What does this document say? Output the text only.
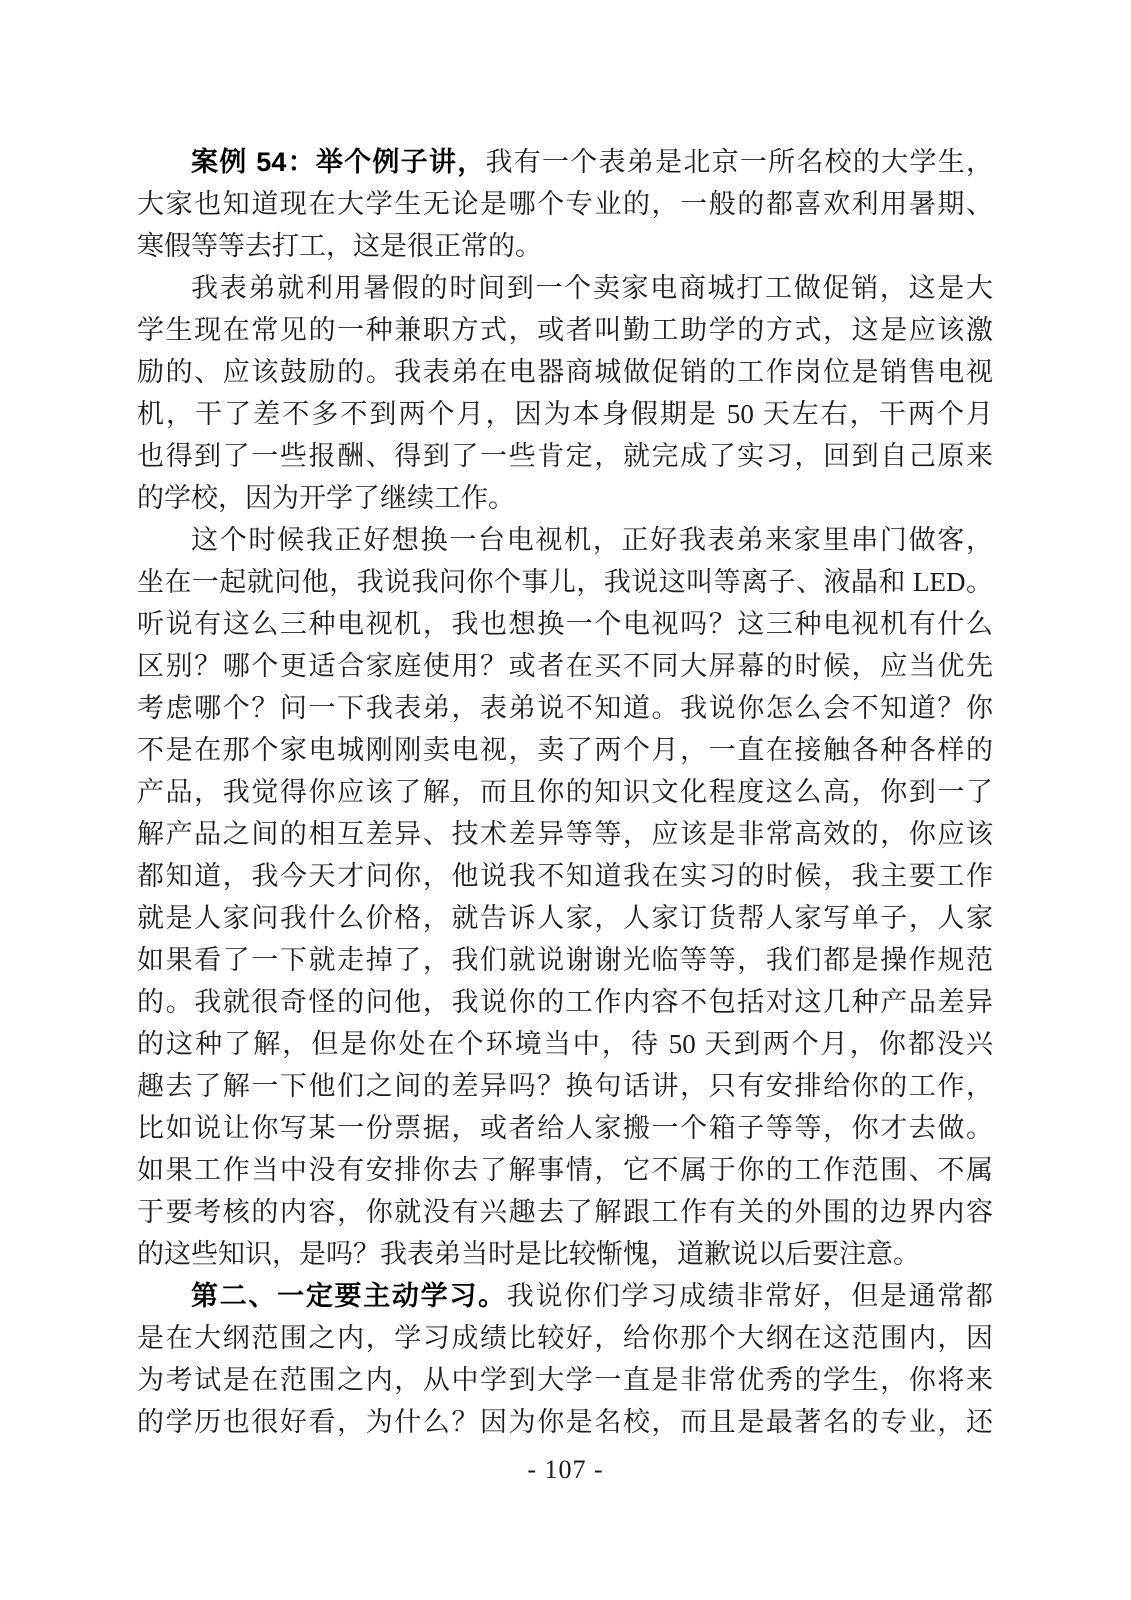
案例 54：举个例子讲，我有一个表弟是北京一所名校的大学生，
大家也知道现在大学生无论是哪个专业的，一般的都喜欢利用暑期、
寒假等等去打工，这是很正常的。
我表弟就利用暑假的时间到一个卖家电商城打工做促销，这是大
学生现在常见的一种兼职方式，或者叫勤工助学的方式，这是应该激
励的、应该鼓励的。我表弟在电器商城做促销的工作岗位是销售电视
机，干了差不多不到两个月，因为本身假期是 50 天左右，干两个月
也得到了一些报酬、得到了一些肯定，就完成了实习，回到自己原来
的学校，因为开学了继续工作。
这个时候我正好想换一台电视机，正好我表弟来家里串门做客，
坐在一起就问他，我说我问你个事儿，我说这叫等离子、液晶和 LED。
听说有这么三种电视机，我也想换一个电视吗？这三种电视机有什么
区别？哪个更适合家庭使用？或者在买不同大屏幕的时候，应当优先
考虑哪个？问一下我表弟，表弟说不知道。我说你怎么会不知道？你
不是在那个家电城刚刚卖电视，卖了两个月，一直在接触各种各样的
产品，我觉得你应该了解，而且你的知识文化程度这么高，你到一了
解产品之间的相互差异、技术差异等等，应该是非常高效的，你应该
都知道，我今天才问你，他说我不知道我在实习的时候，我主要工作
就是人家问我什么价格，就告诉人家，人家订货帮人家写单子，人家
如果看了一下就走掉了，我们就说谢谢光临等等，我们都是操作规范
的。我就很奇怪的问他，我说你的工作内容不包括对这几种产品差异
的这种了解，但是你处在个环境当中，待 50 天到两个月，你都没兴
趣去了解一下他们之间的差异吗？换句话讲，只有安排给你的工作，
比如说让你写某一份票据，或者给人家搬一个箱子等等，你才去做。
如果工作当中没有安排你去了解事情，它不属于你的工作范围、不属
于要考核的内容，你就没有兴趣去了解跟工作有关的外围的边界内容
的这些知识，是吗？我表弟当时是比较惭愧，道歉说以后要注意。
第二、一定要主动学习。我说你们学习成绩非常好，但是通常都
是在大纲范围之内，学习成绩比较好，给你那个大纲在这范围内，因
为考试是在范围之内，从中学到大学一直是非常优秀的学生，你将来
的学历也很好看，为什么？因为你是名校，而且是最著名的专业，还
- 107 -
